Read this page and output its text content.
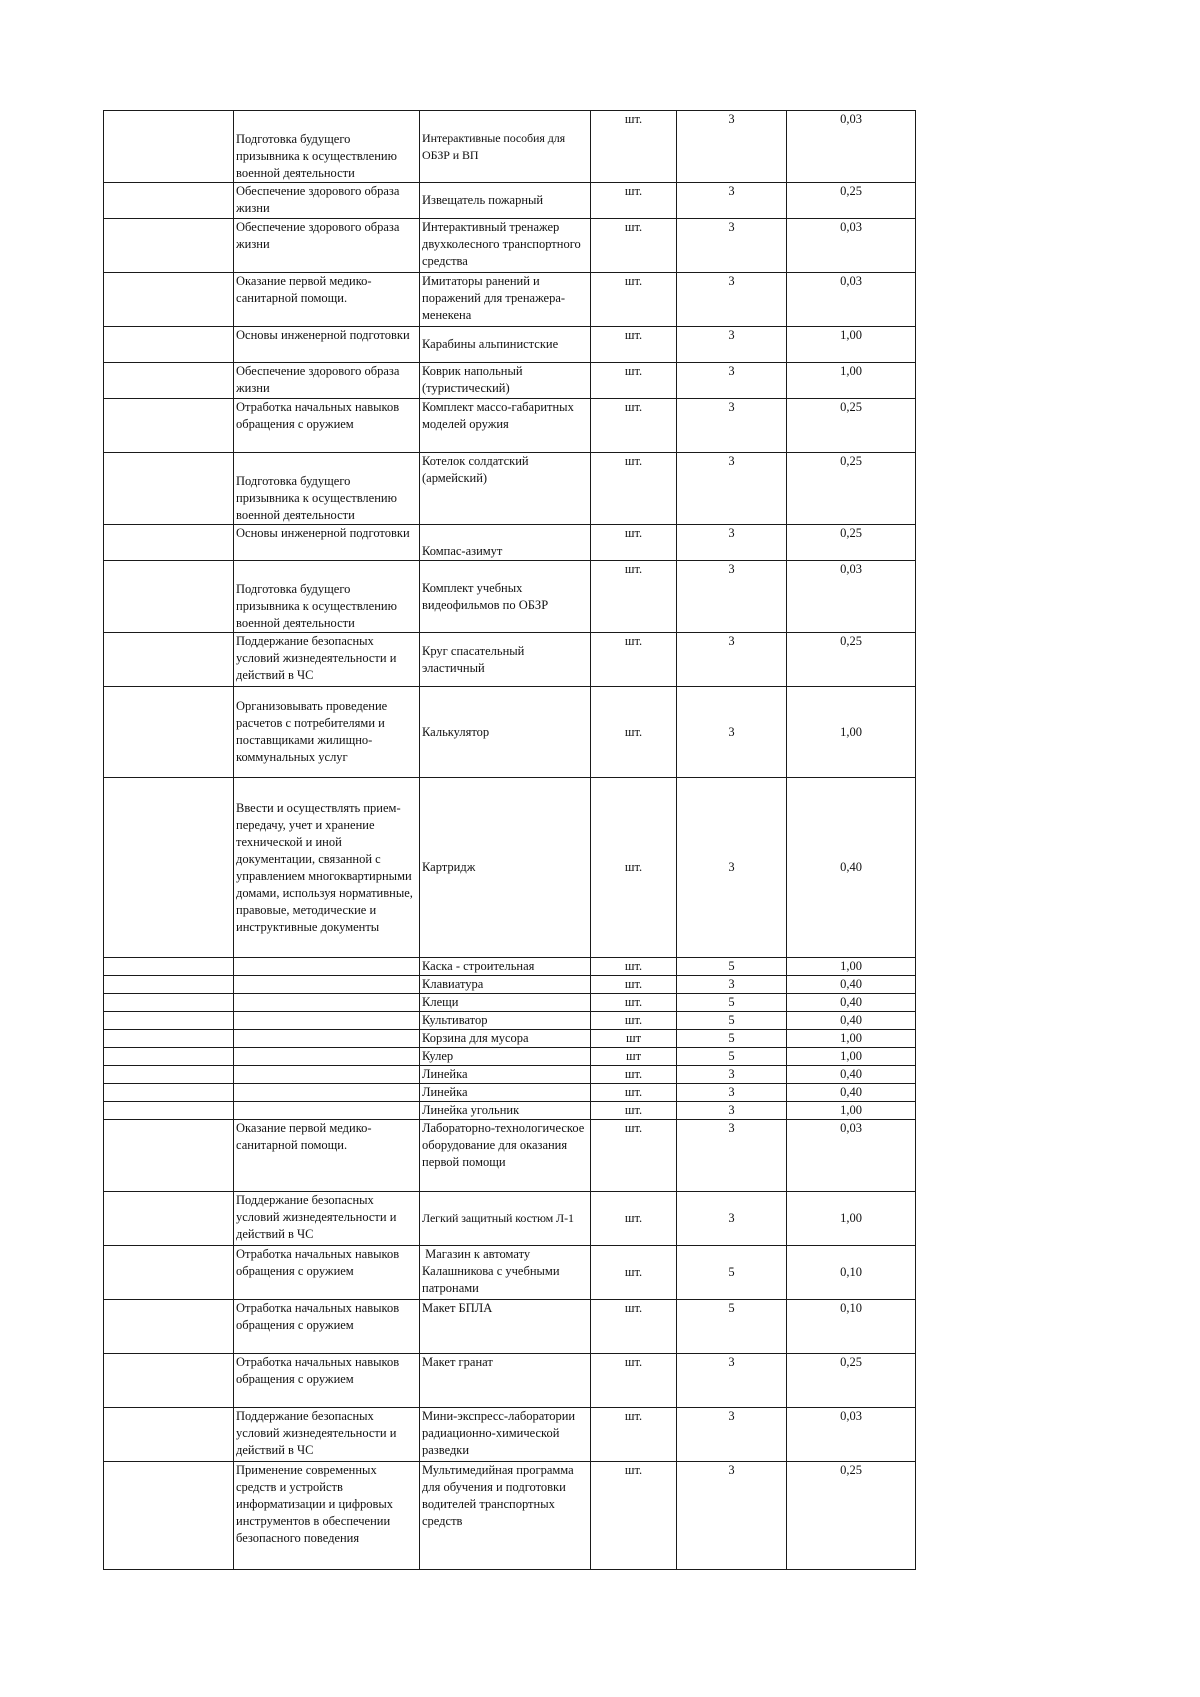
	Подготовка будущего призывника к осуществлению военной деятельности	Интерактивные пособия для ОБЗР и ВП	шт.	3	0,03
	Обеспечение здорового образа жизни	Извещатель пожарный	шт.	3	0,25
	Обеспечение здорового образа жизни	Интерактивный тренажер двухколесного транспортного средства	шт.	3	0,03
	Оказание первой медико-санитарной помощи.	Имитаторы ранений и поражений для тренажера-менекена	шт.	3	0,03
	Основы инженерной подготовки	Карабины альпинистские	шт.	3	1,00
	Обеспечение здорового образа жизни	Коврик напольный (туристический)	шт.	3	1,00
	Отработка начальных навыков обращения с оружием	Комплект массо-габаритных моделей оружия	шт.	3	0,25
	Подготовка будущего призывника к осуществлению военной деятельности	Котелок солдатский (армейский)	шт.	3	0,25
	Основы инженерной подготовки	Компас-азимут	шт.	3	0,25
	Подготовка будущего призывника к осуществлению военной деятельности	Комплект учебных видеофильмов по ОБЗР	шт.	3	0,03
	Поддержание безопасных условий жизнедеятельности и действий в ЧС	Круг спасательный эластичный	шт.	3	0,25
	Организовывать проведение расчетов с потребителями и поставщиками жилищно-коммунальных услуг	Калькулятор	шт.	3	1,00
	Ввести и осуществлять прием-передачу, учет и хранение технической и иной документации, связанной с управлением многоквартирными домами, используя нормативные, правовые, методические и инструктивные документы	Картридж	шт.	3	0,40
		Каска - строительная	шт.	5	1,00
		Клавиатура	шт.	3	0,40
		Клещи	шт.	5	0,40
		Культиватор	шт.	5	0,40
		Корзина для мусора	шт	5	1,00
		Кулер	шт	5	1,00
		Линейка	шт.	3	0,40
		Линейка	шт.	3	0,40
		Линейка угольник	шт.	3	1,00
	Оказание первой медико-санитарной помощи.	Лабораторно-технологическое оборудование для оказания первой помощи	шт.	3	0,03
	Поддержание безопасных условий жизнедеятельности и действий в ЧС	Легкий защитный костюм Л-1	шт.	3	1,00
	Отработка начальных навыков обращения с оружием	Магазин к автомату Калашникова с учебными патронами	шт.	5	0,10
	Отработка начальных навыков обращения с оружием	Макет БПЛА	шт.	5	0,10
	Отработка начальных навыков обращения с оружием	Макет гранат	шт.	3	0,25
	Поддержание безопасных условий жизнедеятельности и действий в ЧС	Мини-экспресс-лаборатории радиационно-химической разведки	шт.	3	0,03
	Применение современных средств и устройств информатизации и цифровых инструментов в обеспечении безопасного поведения	Мультимедийная программа для обучения и подготовки водителей транспортных средств	шт.	3	0,25
